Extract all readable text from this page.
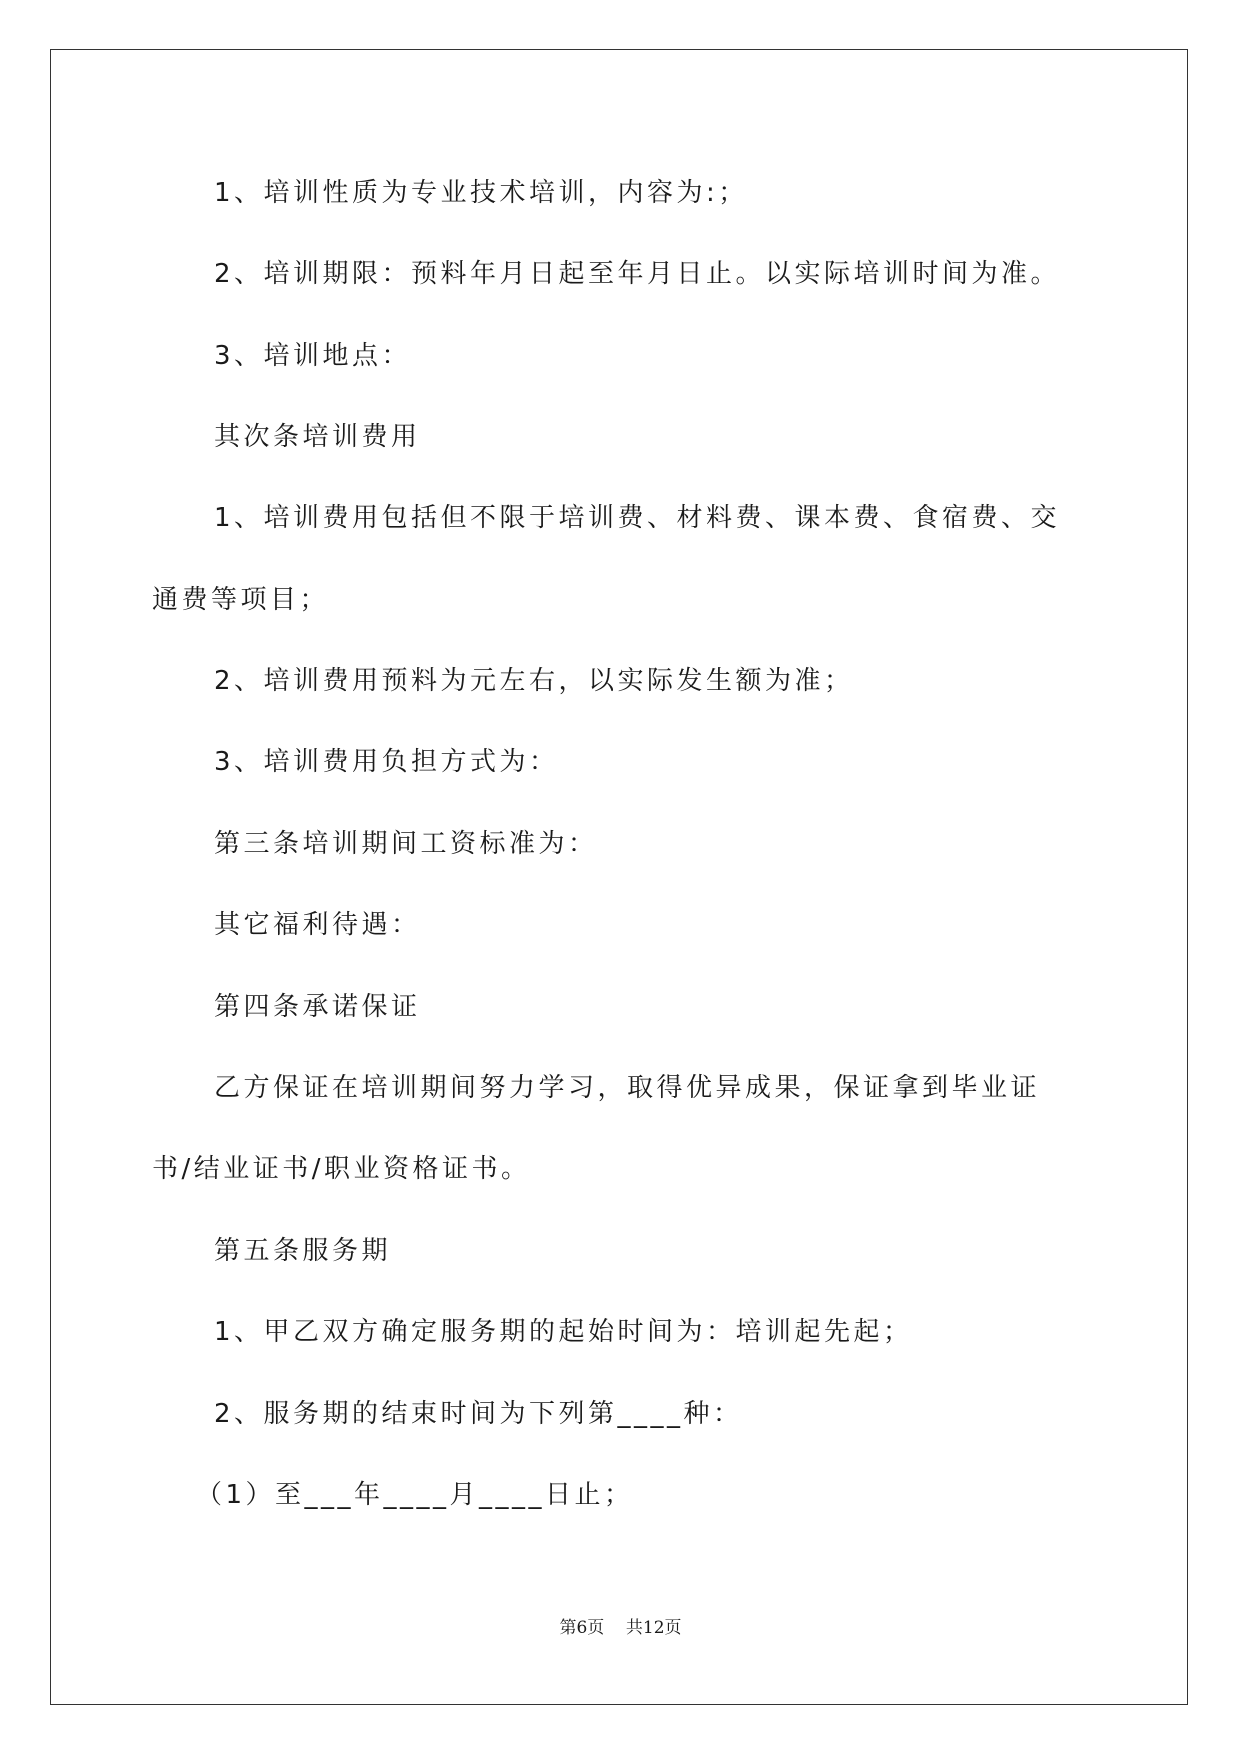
1、培训性质为专业技术培训，内容为:；
2、培训期限：预料年月日起至年月日止。以实际培训时间为准。
3、培训地点：
其次条培训费用
1、培训费用包括但不限于培训费、材料费、课本费、食宿费、交
通费等项目；
2、培训费用预料为元左右，以实际发生额为准；
3、培训费用负担方式为：
第三条培训期间工资标准为：
其它福利待遇：
第四条承诺保证
乙方保证在培训期间努力学习，取得优异成果，保证拿到毕业证
书/结业证书/职业资格证书。
第五条服务期
1、甲乙双方确定服务期的起始时间为：培训起先起；
2、服务期的结束时间为下列第____种：
（1）至___年____月____日止；
第6页 共12页
